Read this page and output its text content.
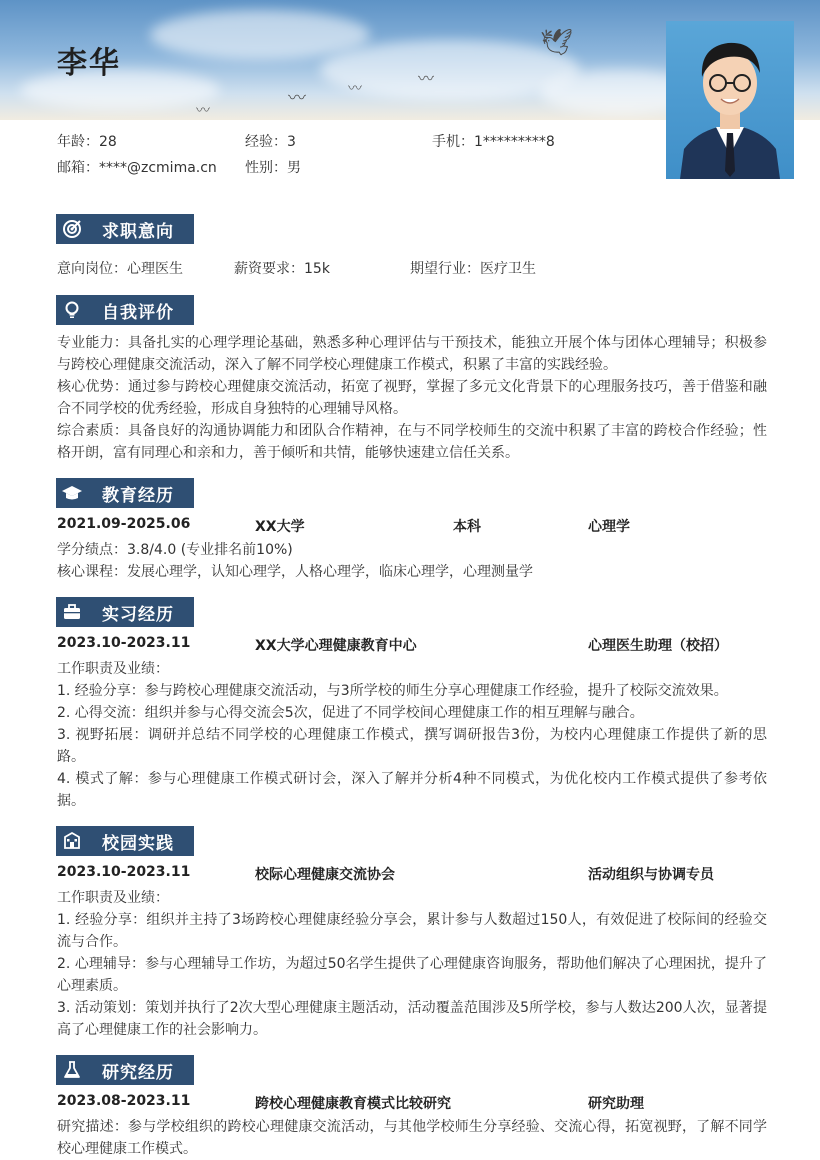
🕊
〰
〰
〰
〰
李华
年龄：28	经验：3	手机：1*********8
邮箱：****@zcmima.cn 性别：男
求职意向
意向岗位：心理医生	薪资要求：15k	期望行业：医疗卫生
自我评价
专业能力：具备扎实的心理学理论基础，熟悉多种心理评估与干预技术，能独立开展个体与团体心理辅导；积极参与跨校心理健康交流活动，深入了解不同学校心理健康工作模式，积累了丰富的实践经验。
核心优势：通过参与跨校心理健康交流活动，拓宽了视野，掌握了多元文化背景下的心理服务技巧，善于借鉴和融合不同学校的优秀经验，形成自身独特的心理辅导风格。
综合素质：具备良好的沟通协调能力和团队合作精神，在与不同学校师生的交流中积累了丰富的跨校合作经验；性格开朗，富有同理心和亲和力，善于倾听和共情，能够快速建立信任关系。
教育经历
2021.09-2025.06	XX大学	本科	心理学
学分绩点：3.8/4.0 (专业排名前10%)
核心课程：发展心理学，认知心理学，人格心理学，临床心理学，心理测量学
实习经历
2023.10-2023.11	XX大学心理健康教育中心	心理医生助理（校招）
工作职责及业绩：
1. 经验分享：参与跨校心理健康交流活动，与3所学校的师生分享心理健康工作经验，提升了校际交流效果。
2. 心得交流：组织并参与心得交流会5次，促进了不同学校间心理健康工作的相互理解与融合。
3. 视野拓展：调研并总结不同学校的心理健康工作模式，撰写调研报告3份，为校内心理健康工作提供了新的思路。
4. 模式了解：参与心理健康工作模式研讨会，深入了解并分析4种不同模式，为优化校内工作模式提供了参考依据。
校园实践
2023.10-2023.11	校际心理健康交流协会	活动组织与协调专员
工作职责及业绩：
1. 经验分享：组织并主持了3场跨校心理健康经验分享会，累计参与人数超过150人，有效促进了校际间的经验交流与合作。
2. 心理辅导：参与心理辅导工作坊，为超过50名学生提供了心理健康咨询服务，帮助他们解决了心理困扰，提升了心理素质。
3. 活动策划：策划并执行了2次大型心理健康主题活动，活动覆盖范围涉及5所学校，参与人数达200人次，显著提高了心理健康工作的社会影响力。
研究经历
2023.08-2023.11	跨校心理健康教育模式比较研究	研究助理
研究描述：参与学校组织的跨校心理健康交流活动，与其他学校师生分享经验、交流心得，拓宽视野，了解不同学校心理健康工作模式。
